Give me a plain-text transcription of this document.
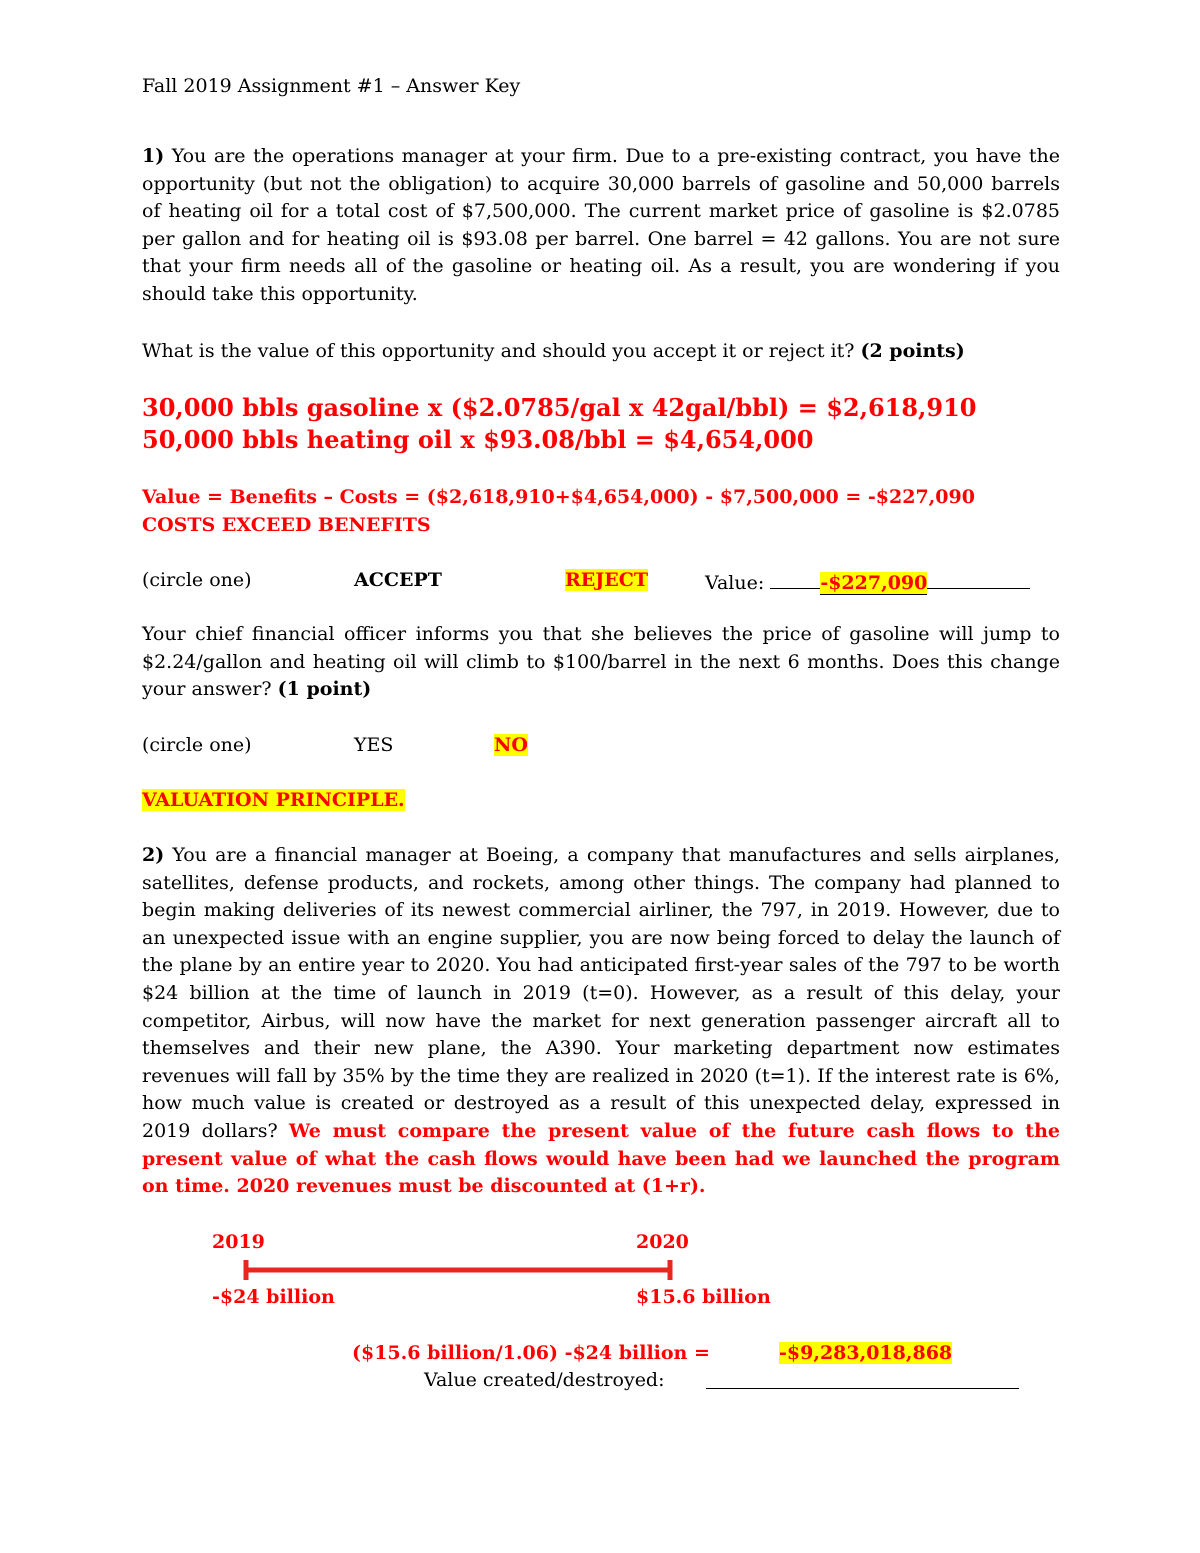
Fall 2019 Assignment #1 – Answer Key

1) You are the operations manager at your firm. Due to a pre-existing contract, you have the opportunity (but not the obligation) to acquire 30,000 barrels of gasoline and 50,000 barrels of heating oil for a total cost of $7,500,000. The current market price of gasoline is $2.0785 per gallon and for heating oil is $93.08 per barrel. One barrel = 42 gallons. You are not sure that your firm needs all of the gasoline or heating oil. As a result, you are wondering if you should take this opportunity.

What is the value of this opportunity and should you accept it or reject it? (2 points)
30,000 bbls gasoline x ($2.0785/gal x 42gal/bbl) = $2,618,910
50,000 bbls heating oil x $93.08/bbl = $4,654,000
Value = Benefits – Costs = ($2,618,910+$4,654,000) - $7,500,000 = -$227,090
COSTS EXCEED BENEFITS
(circle one)	ACCEPT	REJECT	Value:	-$227,090

Your chief financial officer informs you that she believes the price of gasoline will jump to $2.24/gallon and heating oil will climb to $100/barrel in the next 6 months. Does this change your answer? (1 point)

(circle one)	YES	NO
VALUATION PRINCIPLE.

2) You are a financial manager at Boeing, a company that manufactures and sells airplanes, satellites, defense products, and rockets, among other things. The company had planned to begin making deliveries of its newest commercial airliner, the 797, in 2019. However, due to an unexpected issue with an engine supplier, you are now being forced to delay the launch of the plane by an entire year to 2020. You had anticipated first-year sales of the 797 to be worth $24 billion at the time of launch in 2019 (t=0). However, as a result of this delay, your competitor, Airbus, will now have the market for next generation passenger aircraft all to themselves and their new plane, the A390. Your marketing department now estimates revenues will fall by 35% by the time they are realized in 2020 (t=1). If the interest rate is 6%, how much value is created or destroyed as a result of this unexpected delay, expressed in 2019 dollars? We must compare the present value of the future cash flows to the present value of what the cash flows would have been had we launched the program on time. 2020 revenues must be discounted at (1+r).

2019	2020
-$24 billion	$15.6 billion
($15.6 billion/1.06) -$24 billion =	-$9,283,018,868
Value created/destroyed:
